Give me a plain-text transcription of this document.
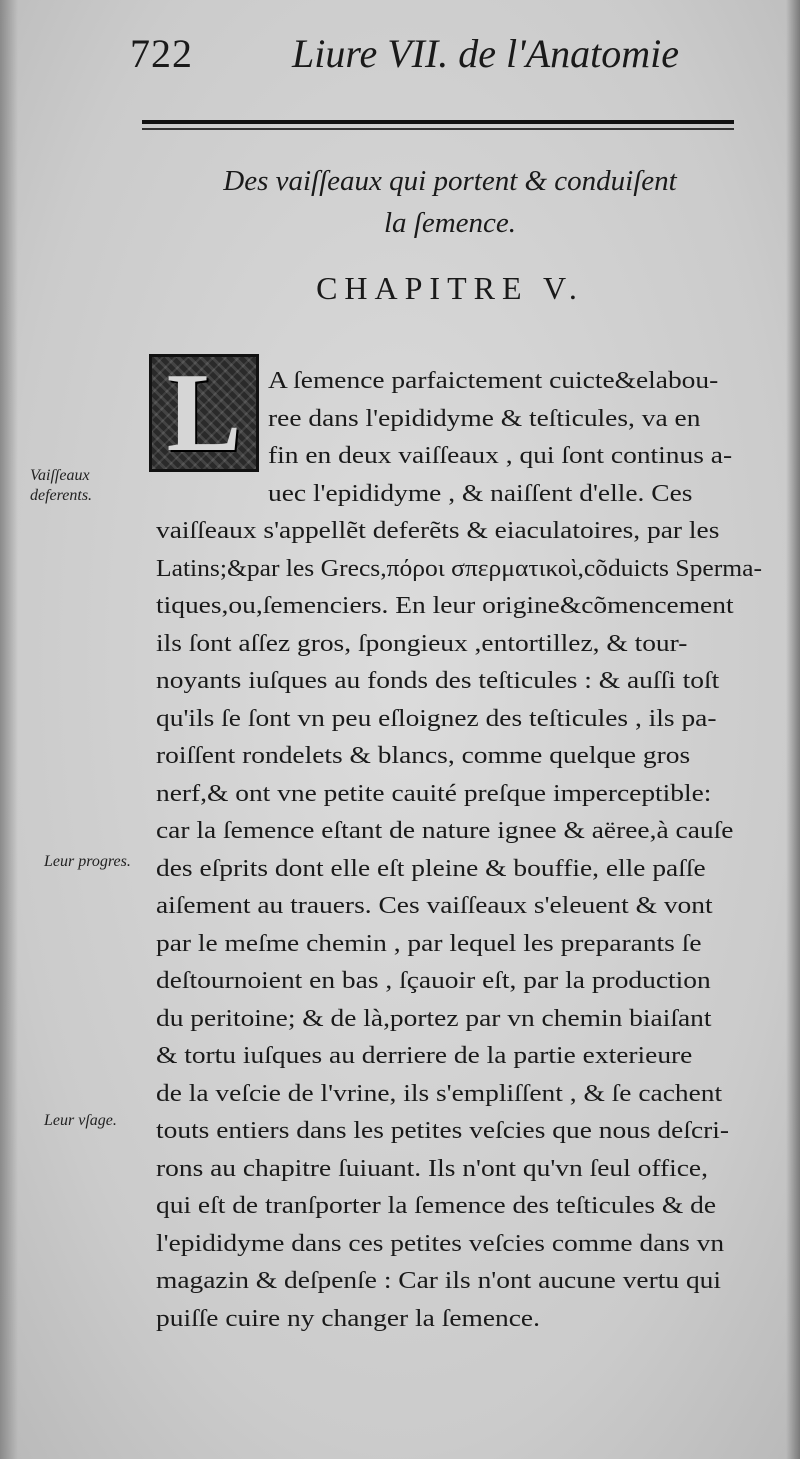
722 Liure VII. de l'Anatomie
Des vaiſſeaux qui portent & conduiſent
la ſemence.
CHAPITRE V.
L
Vaiſſeaux deferents.
Leur progres.
Leur vſage.
A ſemence parfaictement cuicte&elabou-
ree dans l'epididyme & teſticules, va en
fin en deux vaiſſeaux , qui ſont continus a-
uec l'epididyme , & naiſſent d'elle. Ces
vaiſſeaux s'appellẽt deferẽts & eiaculatoires, par les
Latins;&par les Grecs,πόροι σπερματικοὶ,cõduicts Sperma-
tiques,ou,ſemenciers. En leur origine&cõmencement
ils ſont aſſez gros, ſpongieux ,entortillez, & tour-
noyants iuſques au fonds des teſticules : & auſſi toſt
qu'ils ſe ſont vn peu eſloignez des teſticules , ils pa-
roiſſent rondelets & blancs, comme quelque gros
nerf,& ont vne petite cauité preſque imperceptible:
car la ſemence eſtant de nature ignee & aëree,à cauſe
des eſprits dont elle eſt pleine & bouffie, elle paſſe
aiſement au trauers. Ces vaiſſeaux s'eleuent & vont
par le meſme chemin , par lequel les preparants ſe
deſtournoient en bas , ſçauoir eſt, par la production
du peritoine; & de là,portez par vn chemin biaiſant
& tortu iuſques au derriere de la partie exterieure
de la veſcie de l'vrine, ils s'empliſſent , & ſe cachent
touts entiers dans les petites veſcies que nous deſcri-
rons au chapitre ſuiuant. Ils n'ont qu'vn ſeul office,
qui eſt de tranſporter la ſemence des teſticules & de
l'epididyme dans ces petites veſcies comme dans vn
magazin & deſpenſe : Car ils n'ont aucune vertu qui
puiſſe cuire ny changer la ſemence.
